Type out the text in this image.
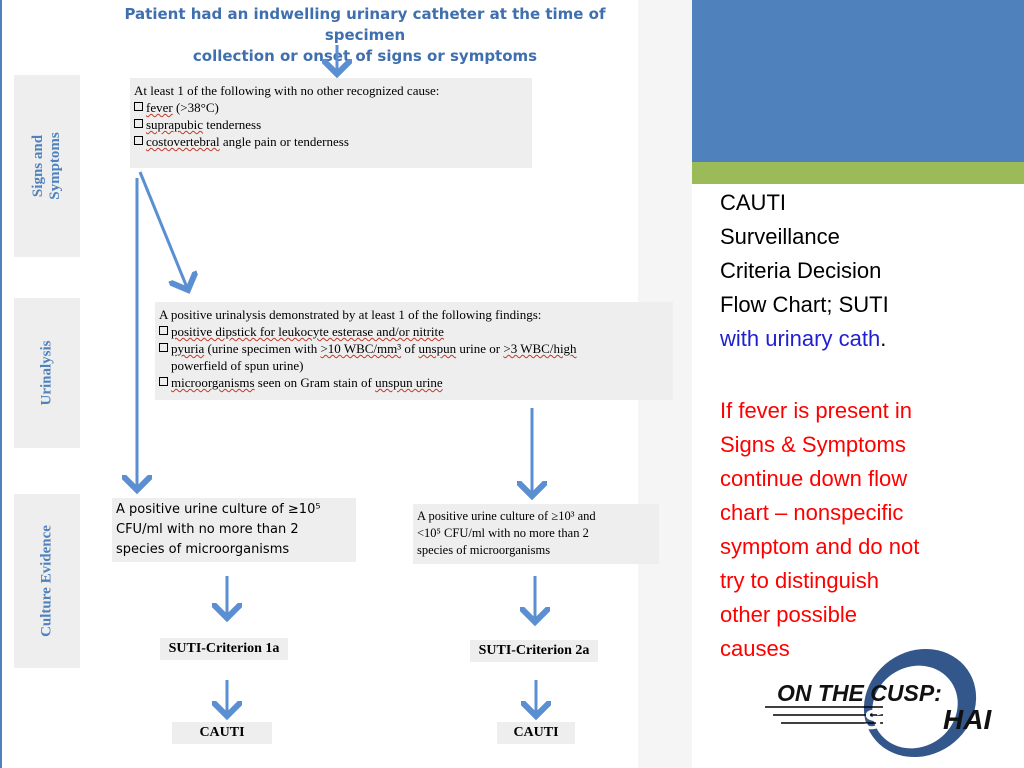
Patient had an indwelling urinary catheter at the time of specimen
collection or onset of signs or symptoms
Signs and Symptoms
Urinalysis
Culture Evidence
At least 1 of the following with no other recognized cause:
fever (>38°C)
suprapubic tenderness
costovertebral angle pain or tenderness
A positive urinalysis demonstrated by at least 1 of the following findings:
positive dipstick for leukocyte esterase and/or nitrite
pyuria (urine specimen with >10 WBC/mm³ of unspun urine or >3 WBC/high
powerfield of spun urine)
microorganisms seen on Gram stain of unspun urine
A positive urine culture of ≥10⁵
CFU/ml with no more than 2
species of microorganisms
A positive urine culture of ≥10³ and
<10⁵ CFU/ml with no more than 2
species of microorganisms
SUTI-Criterion 1a	SUTI-Criterion 2a
CAUTI	CAUTI
CAUTI
Surveillance
Criteria Decision
Flow Chart; SUTI
with urinary cath.
If fever is present in
Signs & Symptoms
continue down flow
chart – nonspecific
symptom and do not
try to distinguish
other possible
causes
ON THE CUSP:
STOP HAI
